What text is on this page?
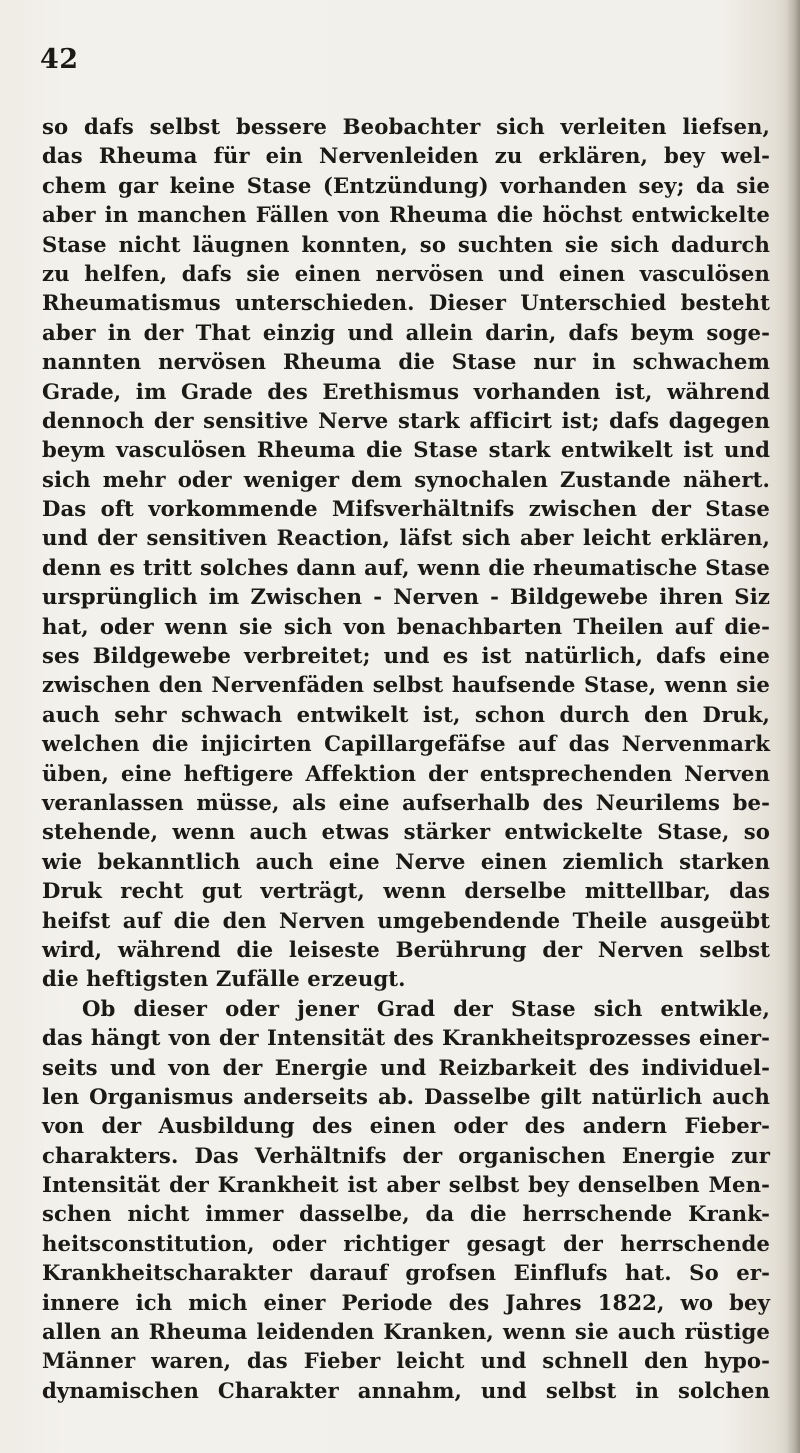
42
so dafs selbst bessere Beobachter sich verleiten liefsen,
das Rheuma für ein Nervenleiden zu erklären, bey wel-
chem gar keine Stase (Entzündung) vorhanden sey; da sie
aber in manchen Fällen von Rheuma die höchst entwickelte
Stase nicht läugnen konnten, so suchten sie sich dadurch
zu helfen, dafs sie einen nervösen und einen vasculösen
Rheumatismus unterschieden. Dieser Unterschied besteht
aber in der That einzig und allein darin, dafs beym soge-
nannten nervösen Rheuma die Stase nur in schwachem
Grade, im Grade des Erethismus vorhanden ist, während
dennoch der sensitive Nerve stark afficirt ist; dafs dagegen
beym vasculösen Rheuma die Stase stark entwikelt ist und
sich mehr oder weniger dem synochalen Zustande nähert.
Das oft vorkommende Mifsverhältnifs zwischen der Stase
und der sensitiven Reaction, läfst sich aber leicht erklären,
denn es tritt solches dann auf, wenn die rheumatische Stase
ursprünglich im Zwischen - Nerven - Bildgewebe ihren Siz
hat, oder wenn sie sich von benachbarten Theilen auf die-
ses Bildgewebe verbreitet; und es ist natürlich, dafs eine
zwischen den Nervenfäden selbst haufsende Stase, wenn sie
auch sehr schwach entwikelt ist, schon durch den Druk,
welchen die injicirten Capillargefäfse auf das Nervenmark
üben, eine heftigere Affektion der entsprechenden Nerven
veranlassen müsse, als eine aufserhalb des Neurilems be-
stehende, wenn auch etwas stärker entwickelte Stase, so
wie bekanntlich auch eine Nerve einen ziemlich starken
Druk recht gut verträgt, wenn derselbe mittellbar, das
heifst auf die den Nerven umgebendende Theile ausgeübt
wird, während die leiseste Berührung der Nerven selbst
die heftigsten Zufälle erzeugt.
Ob dieser oder jener Grad der Stase sich entwikle,
das hängt von der Intensität des Krankheitsprozesses einer-
seits und von der Energie und Reizbarkeit des individuel-
len Organismus anderseits ab. Dasselbe gilt natürlich auch
von der Ausbildung des einen oder des andern Fieber-
charakters. Das Verhältnifs der organischen Energie zur
Intensität der Krankheit ist aber selbst bey denselben Men-
schen nicht immer dasselbe, da die herrschende Krank-
heitsconstitution, oder richtiger gesagt der herrschende
Krankheitscharakter darauf grofsen Einflufs hat. So er-
innere ich mich einer Periode des Jahres 1822, wo bey
allen an Rheuma leidenden Kranken, wenn sie auch rüstige
Männer waren, das Fieber leicht und schnell den hypo-
dynamischen Charakter annahm, und selbst in solchen
